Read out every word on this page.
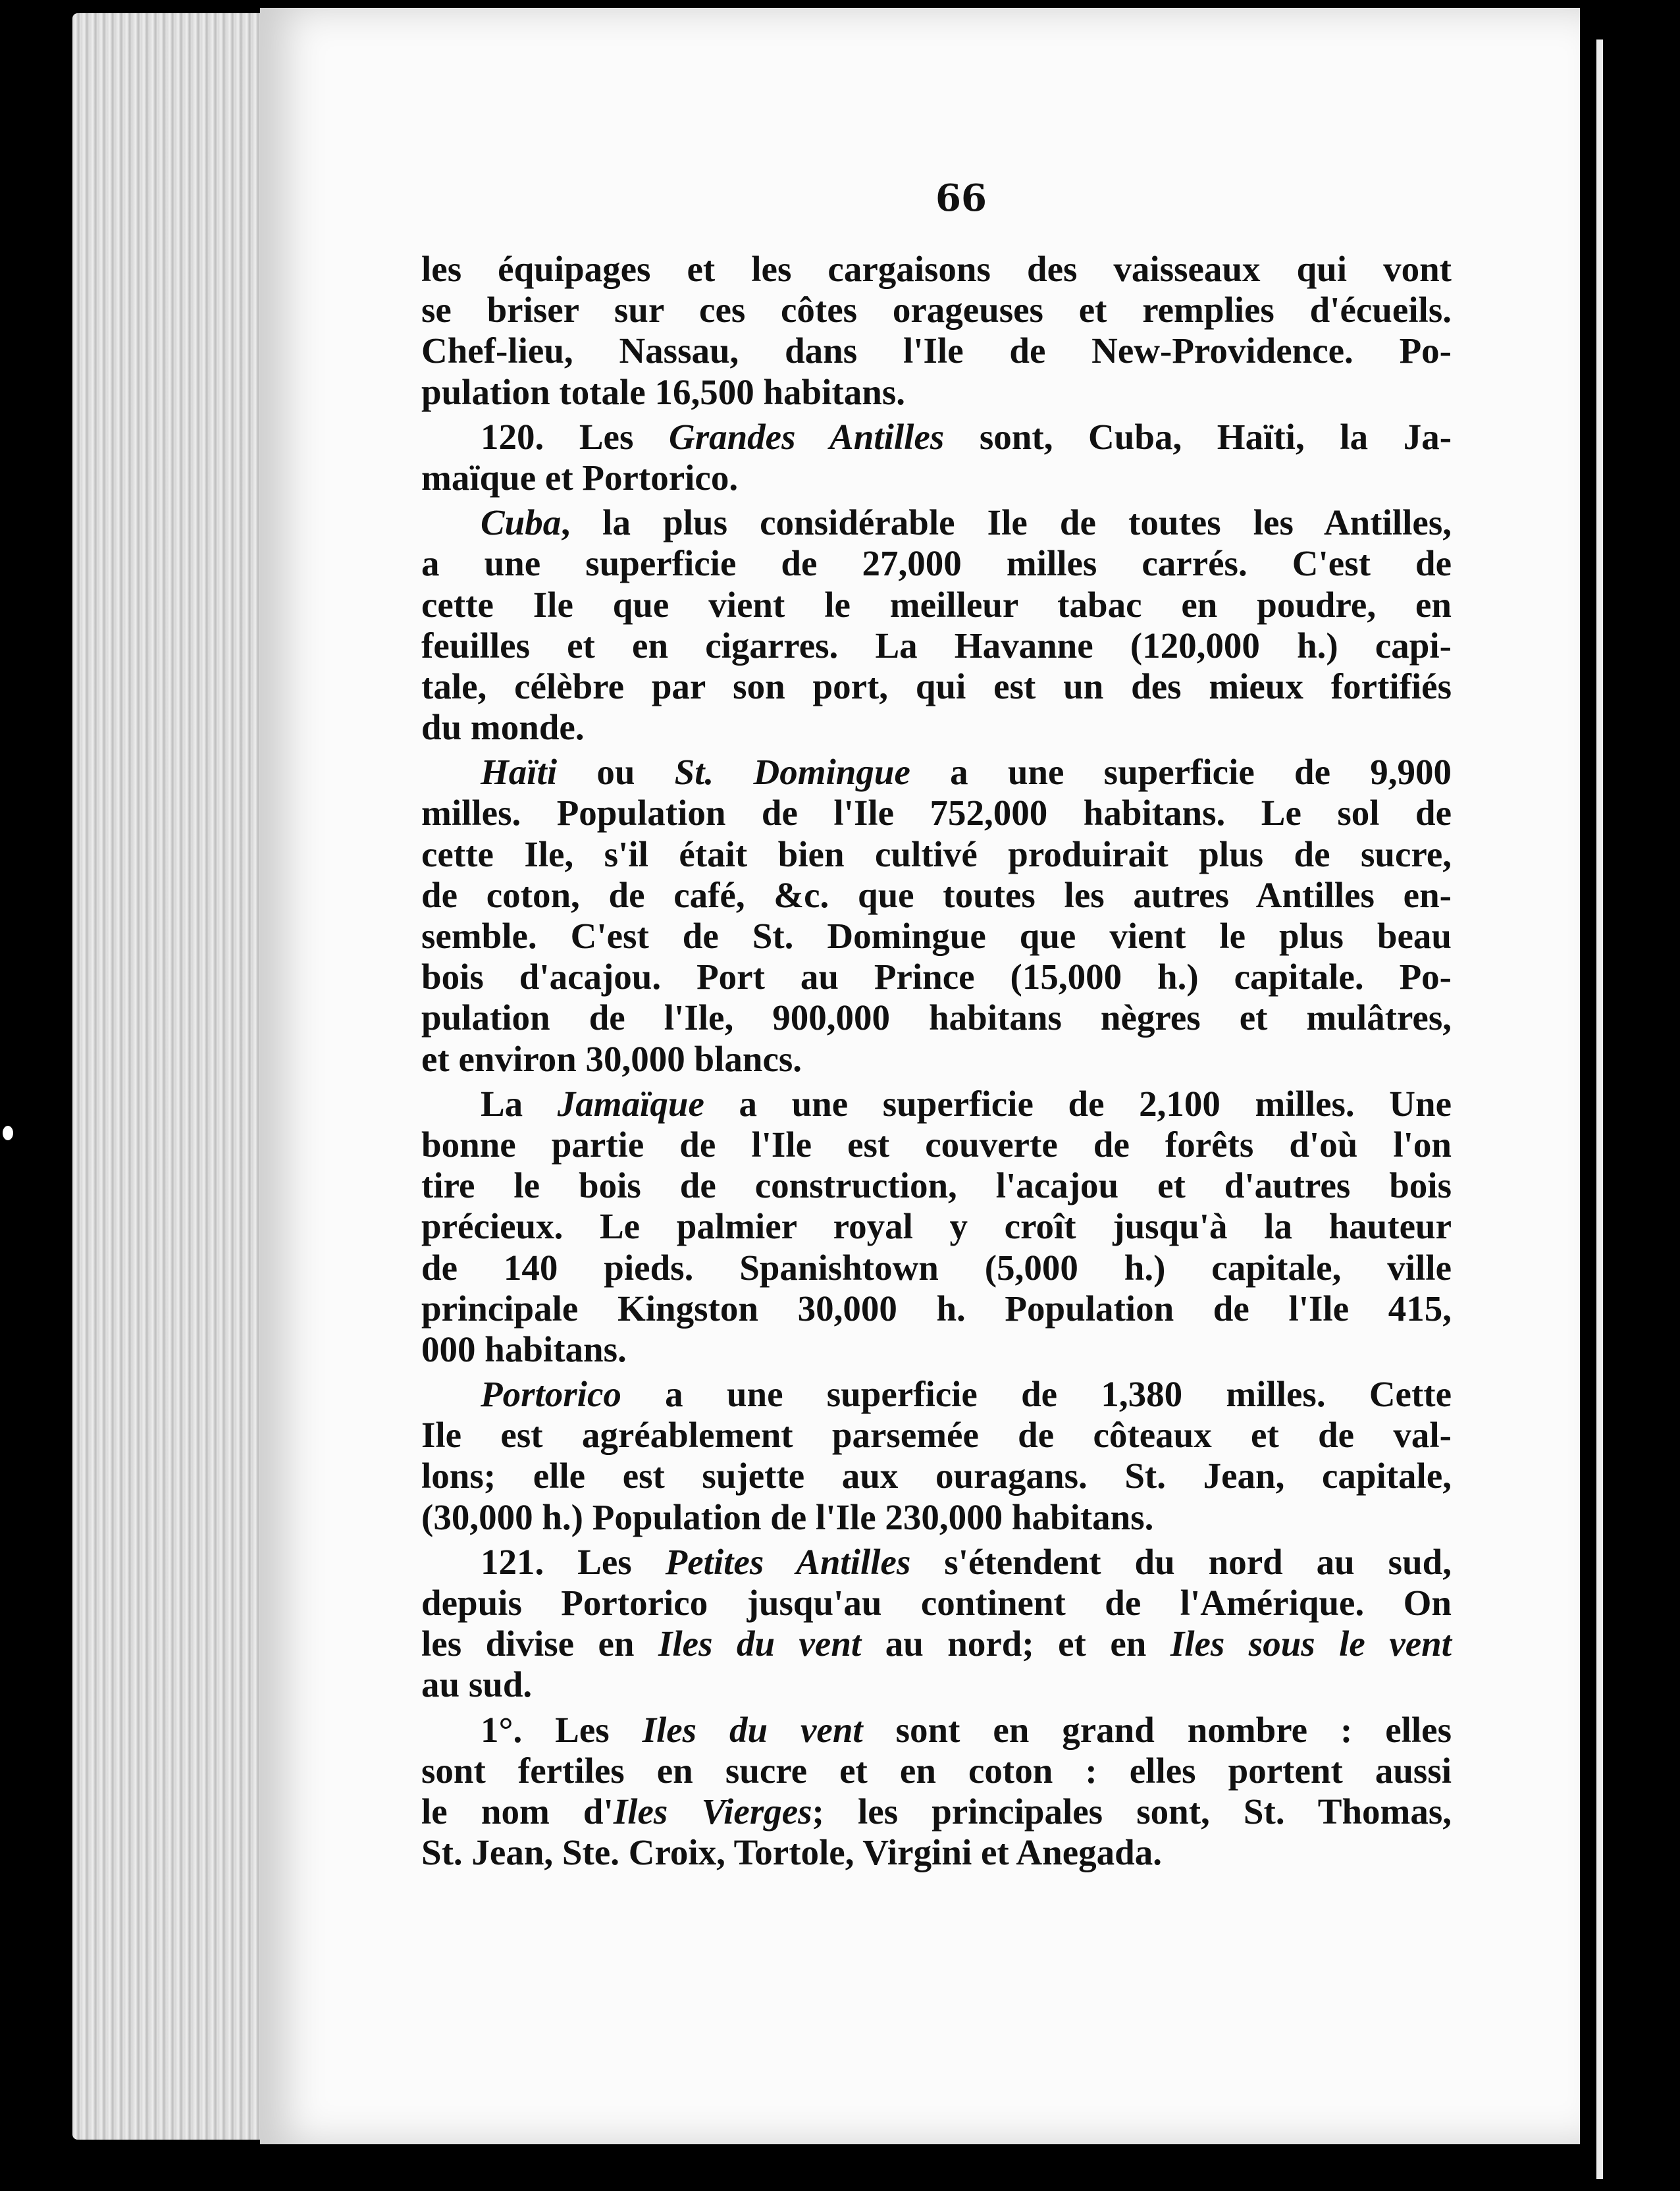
66
les équipages et les cargaisons des vaisseaux qui vont
se briser sur ces côtes orageuses et remplies d'écueils.
Chef-lieu, Nassau, dans l'Ile de New-Providence. Po-
pulation totale 16,500 habitans.
120. Les Grandes Antilles sont, Cuba, Haïti, la Ja-
maïque et Portorico.
Cuba, la plus considérable Ile de toutes les Antilles,
a une superficie de 27,000 milles carrés. C'est de
cette Ile que vient le meilleur tabac en poudre, en
feuilles et en cigarres. La Havanne (120,000 h.) capi-
tale, célèbre par son port, qui est un des mieux fortifiés
du monde.
Haïti ou St. Domingue a une superficie de 9,900
milles. Population de l'Ile 752,000 habitans. Le sol de
cette Ile, s'il était bien cultivé produirait plus de sucre,
de coton, de café, &c. que toutes les autres Antilles en-
semble. C'est de St. Domingue que vient le plus beau
bois d'acajou. Port au Prince (15,000 h.) capitale. Po-
pulation de l'Ile, 900,000 habitans nègres et mulâtres,
et environ 30,000 blancs.
La Jamaïque a une superficie de 2,100 milles. Une
bonne partie de l'Ile est couverte de forêts d'où l'on
tire le bois de construction, l'acajou et d'autres bois
précieux. Le palmier royal y croît jusqu'à la hauteur
de 140 pieds. Spanishtown (5,000 h.) capitale, ville
principale Kingston 30,000 h. Population de l'Ile 415,
000 habitans.
Portorico a une superficie de 1,380 milles. Cette
Ile est agréablement parsemée de côteaux et de val-
lons; elle est sujette aux ouragans. St. Jean, capitale,
(30,000 h.) Population de l'Ile 230,000 habitans.
121. Les Petites Antilles s'étendent du nord au sud,
depuis Portorico jusqu'au continent de l'Amérique. On
les divise en Iles du vent au nord; et en Iles sous le vent
au sud.
1°. Les Iles du vent sont en grand nombre : elles
sont fertiles en sucre et en coton : elles portent aussi
le nom d'Iles Vierges; les principales sont, St. Thomas,
St. Jean, Ste. Croix, Tortole, Virgini et Anegada.
